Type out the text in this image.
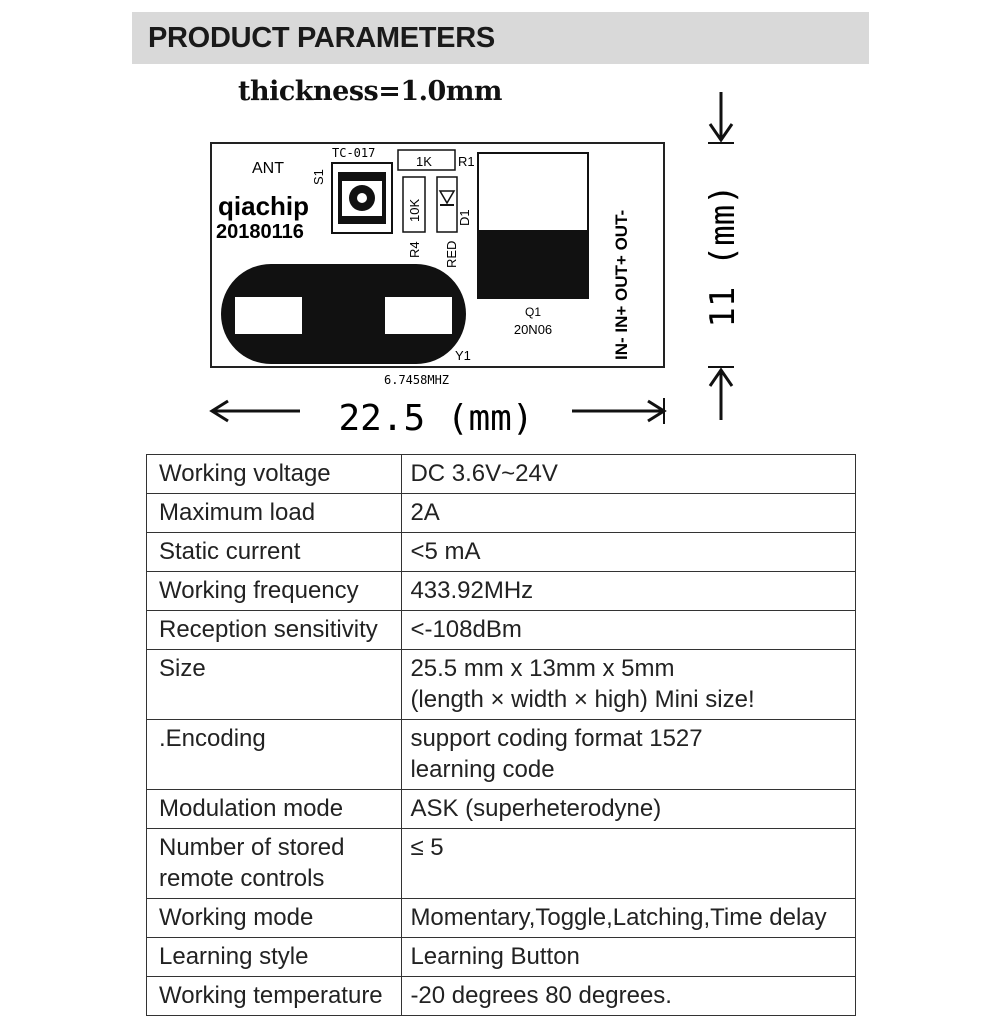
PRODUCT PARAMETERS
thickness=1.0mm
ANT
qiachip
20180116
S1
TC-017
1K R1
10K
R4
D1
RED
Q1
20N06	IN- IN+ OUT+ OUT-
Y1
6.7458MHZ
22.5 (mm)
11 (mm)
Working voltage	DC 3.6V~24V

Maximum load	2A

Static current	<5 mA

Working frequency	433.92MHz

Reception sensitivity	<-108dBm

Size	25.5 mm x 13mm x 5mm
(length × width × high) Mini size!

.Encoding	support coding format 1527
learning code

Modulation mode	ASK (superheterodyne)

Number of stored
remote controls	≤ 5

Working mode	Momentary,Toggle,Latching,Time delay

Learning style	Learning Button

Working temperature	-20 degrees 80 degrees.
